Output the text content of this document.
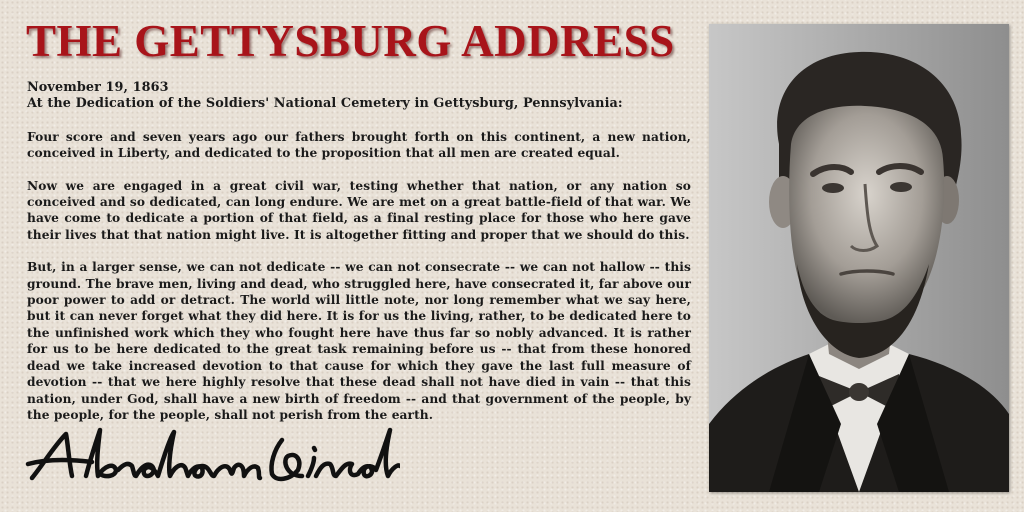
THE GETTYSBURG ADDRESS
November 19, 1863
At the Dedication of the Soldiers' National Cemetery in Gettysburg, Pennsylvania:

Four score and seven years ago our fathers brought forth on this continent, a new nation, conceived in Liberty, and dedicated to the proposition that all men are created equal.

Now we are engaged in a great civil war, testing whether that nation, or any nation so conceived and so dedicated, can long endure. We are met on a great battle-field of that war. We have come to dedicate a portion of that field, as a final resting place for those who here gave their lives that that nation might live. It is altogether fitting and proper that we should do this.

But, in a larger sense, we can not dedicate -- we can not consecrate -- we can not hallow -- this ground. The brave men, living and dead, who struggled here, have consecrated it, far above our poor power to add or detract. The world will little note, nor long remember what we say here, but it can never forget what they did here. It is for us the living, rather, to be dedicated here to the unfinished work which they who fought here have thus far so nobly advanced. It is rather for us to be here dedicated to the great task remaining before us -- that from these honored dead we take increased devotion to that cause for which they gave the last full measure of devotion -- that we here highly resolve that these dead shall not have died in vain -- that this nation, under God, shall have a new birth of freedom -- and that government of the people, by the people, for the people, shall not perish from the earth.
